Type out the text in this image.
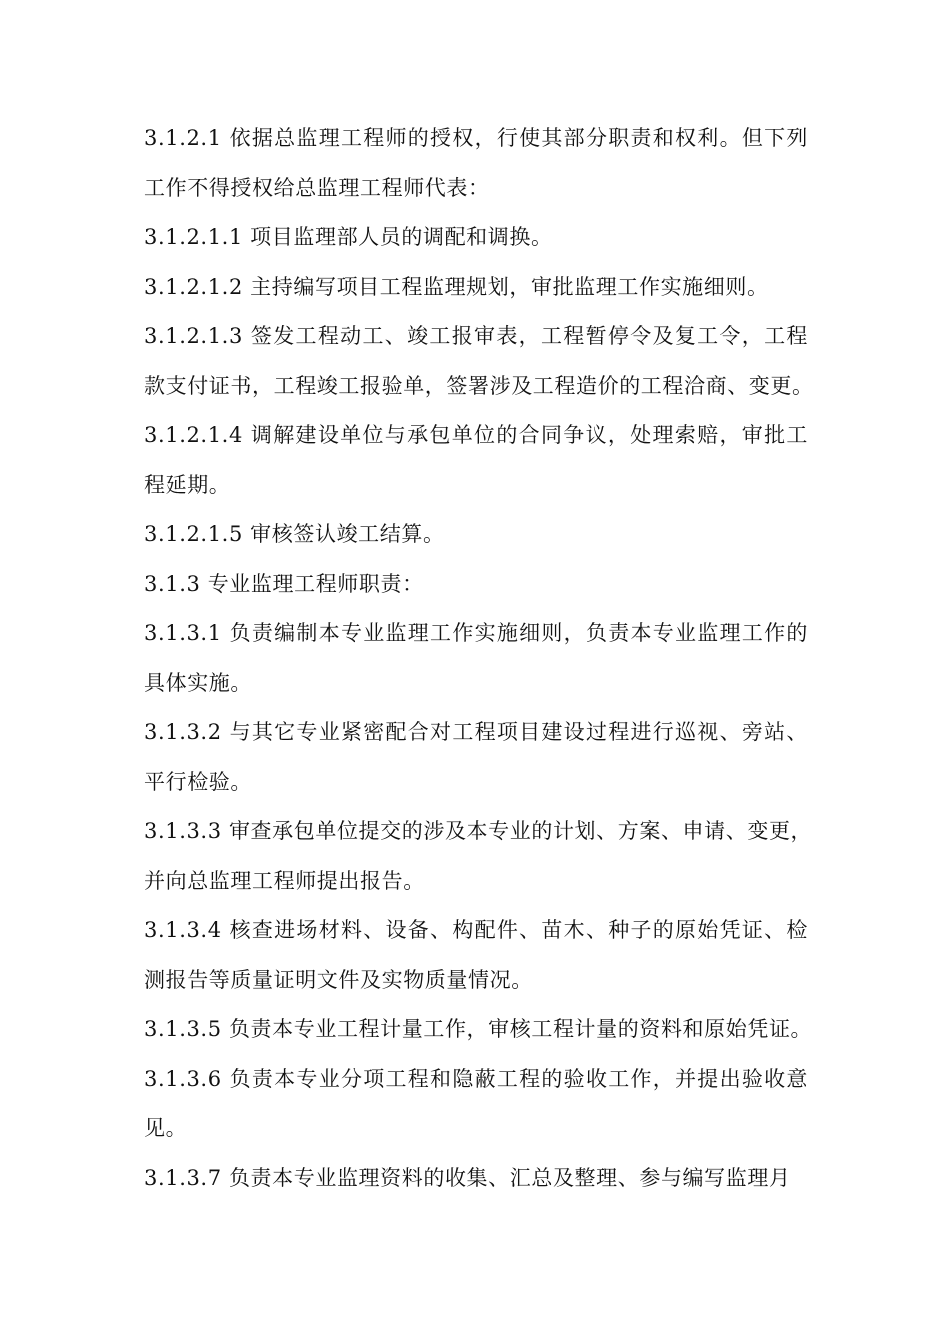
3.1.2.1 依据总监理工程师的授权，行使其部分职责和权利。但下列
工作不得授权给总监理工程师代表：

3.1.2.1.1 项目监理部人员的调配和调换。

3.1.2.1.2 主持编写项目工程监理规划，审批监理工作实施细则。

3.1.2.1.3 签发工程动工、竣工报审表，工程暂停令及复工令，工程
款支付证书，工程竣工报验单，签署涉及工程造价的工程洽商、变更。

3.1.2.1.4 调解建设单位与承包单位的合同争议，处理索赔，审批工
程延期。

3.1.2.1.5 审核签认竣工结算。

3.1.3 专业监理工程师职责：

3.1.3.1 负责编制本专业监理工作实施细则，负责本专业监理工作的
具体实施。

3.1.3.2 与其它专业紧密配合对工程项目建设过程进行巡视、旁站、
平行检验。

3.1.3.3 审查承包单位提交的涉及本专业的计划、方案、申请、变更，
并向总监理工程师提出报告。

3.1.3.4 核查进场材料、设备、构配件、苗木、种子的原始凭证、检
测报告等质量证明文件及实物质量情况。

3.1.3.5 负责本专业工程计量工作，审核工程计量的资料和原始凭证。

3.1.3.6 负责本专业分项工程和隐蔽工程的验收工作，并提出验收意
见。

3.1.3.7 负责本专业监理资料的收集、汇总及整理、参与编写监理月
